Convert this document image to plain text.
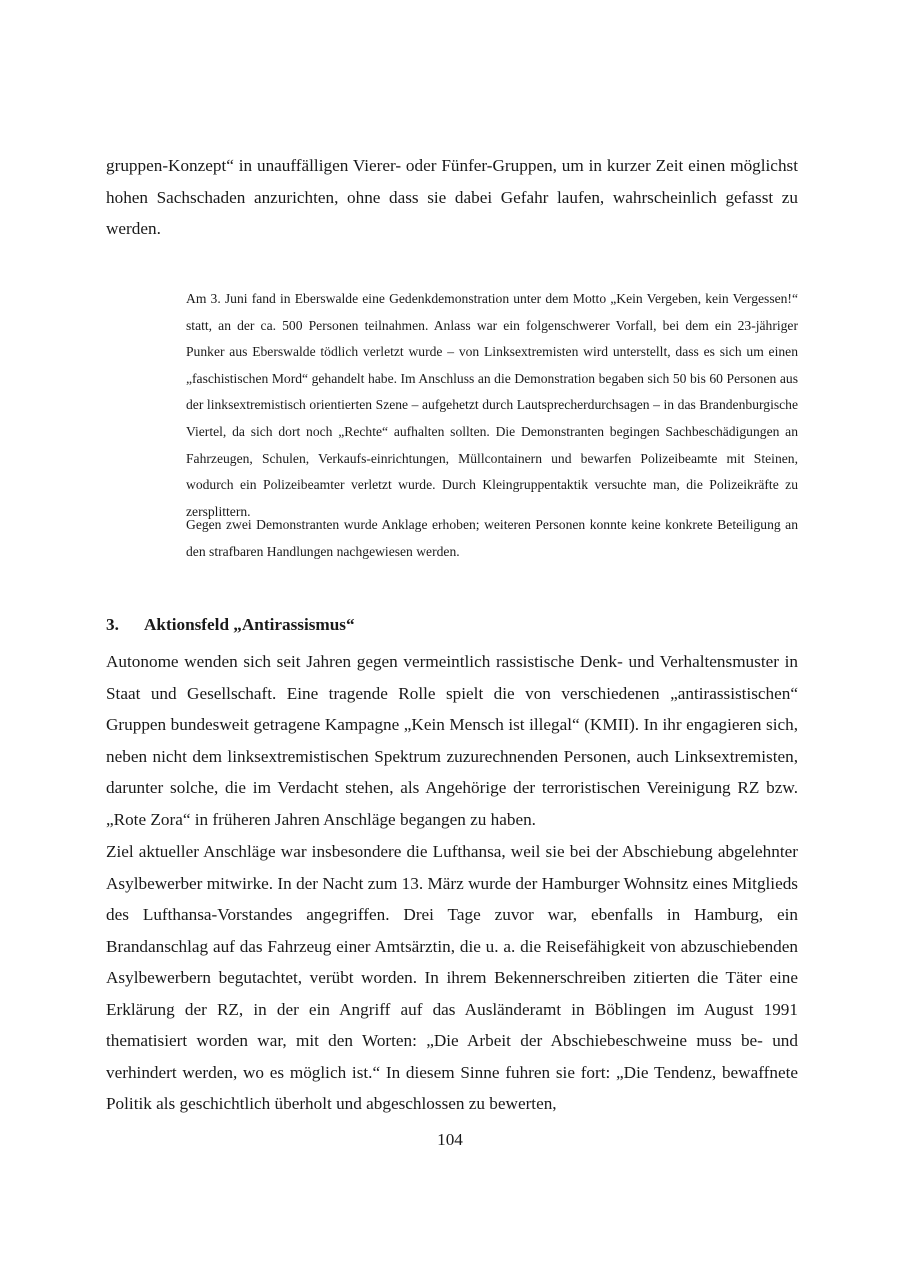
gruppen-Konzept“ in unauffälligen Vierer- oder Fünfer-Gruppen, um in kurzer Zeit einen möglichst hohen Sachschaden anzurichten, ohne dass sie dabei Gefahr laufen, wahrscheinlich gefasst zu werden.

Am 3. Juni fand in Eberswalde eine Gedenkdemonstration unter dem Motto „Kein Vergeben, kein Vergessen!“ statt, an der ca. 500 Personen teilnahmen. Anlass war ein folgenschwerer Vorfall, bei dem ein 23-jähriger Punker aus Eberswalde tödlich verletzt wurde – von Linksextremisten wird unterstellt, dass es sich um einen „faschistischen Mord“ gehandelt habe. Im Anschluss an die Demonstration begaben sich 50 bis 60 Personen aus der linksextremistisch orientierten Szene – aufgehetzt durch Lautsprecherdurchsagen – in das Brandenburgische Viertel, da sich dort noch „Rechte“ aufhalten sollten. Die Demonstranten begingen Sachbeschädigungen an Fahrzeugen, Schulen, Verkaufs-einrichtungen, Müllcontainern und bewarfen Polizeibeamte mit Steinen, wodurch ein Polizeibeamter verletzt wurde. Durch Kleingruppentaktik versuchte man, die Polizeikräfte zu zersplittern.

Gegen zwei Demonstranten wurde Anklage erhoben; weiteren Personen konnte keine konkrete Beteiligung an den strafbaren Handlungen nachgewiesen werden.

3. Aktionsfeld „Antirassismus“

Autonome wenden sich seit Jahren gegen vermeintlich rassistische Denk- und Verhaltensmuster in Staat und Gesellschaft. Eine tragende Rolle spielt die von verschiedenen „antirassistischen“ Gruppen bundesweit getragene Kampagne „Kein Mensch ist illegal“ (KMII). In ihr engagieren sich, neben nicht dem linksextremistischen Spektrum zuzurechnenden Personen, auch Linksextremisten, darunter solche, die im Verdacht stehen, als Angehörige der terroristischen Vereinigung RZ bzw. „Rote Zora“ in früheren Jahren Anschläge begangen zu haben.

Ziel aktueller Anschläge war insbesondere die Lufthansa, weil sie bei der Abschiebung abgelehnter Asylbewerber mitwirke. In der Nacht zum 13. März wurde der Hamburger Wohnsitz eines Mitglieds des Lufthansa-Vorstandes angegriffen. Drei Tage zuvor war, ebenfalls in Hamburg, ein Brandanschlag auf das Fahrzeug einer Amtsärztin, die u. a. die Reisefähigkeit von abzuschiebenden Asylbewerbern begutachtet, verübt worden. In ihrem Bekennerschreiben zitierten die Täter eine Erklärung der RZ, in der ein Angriff auf das Ausländeramt in Böblingen im August 1991 thematisiert worden war, mit den Worten: „Die Arbeit der Abschiebeschweine muss be- und verhindert werden, wo es möglich ist.“ In diesem Sinne fuhren sie fort: „Die Tendenz, bewaffnete Politik als geschichtlich überholt und abgeschlossen zu bewerten,

104
